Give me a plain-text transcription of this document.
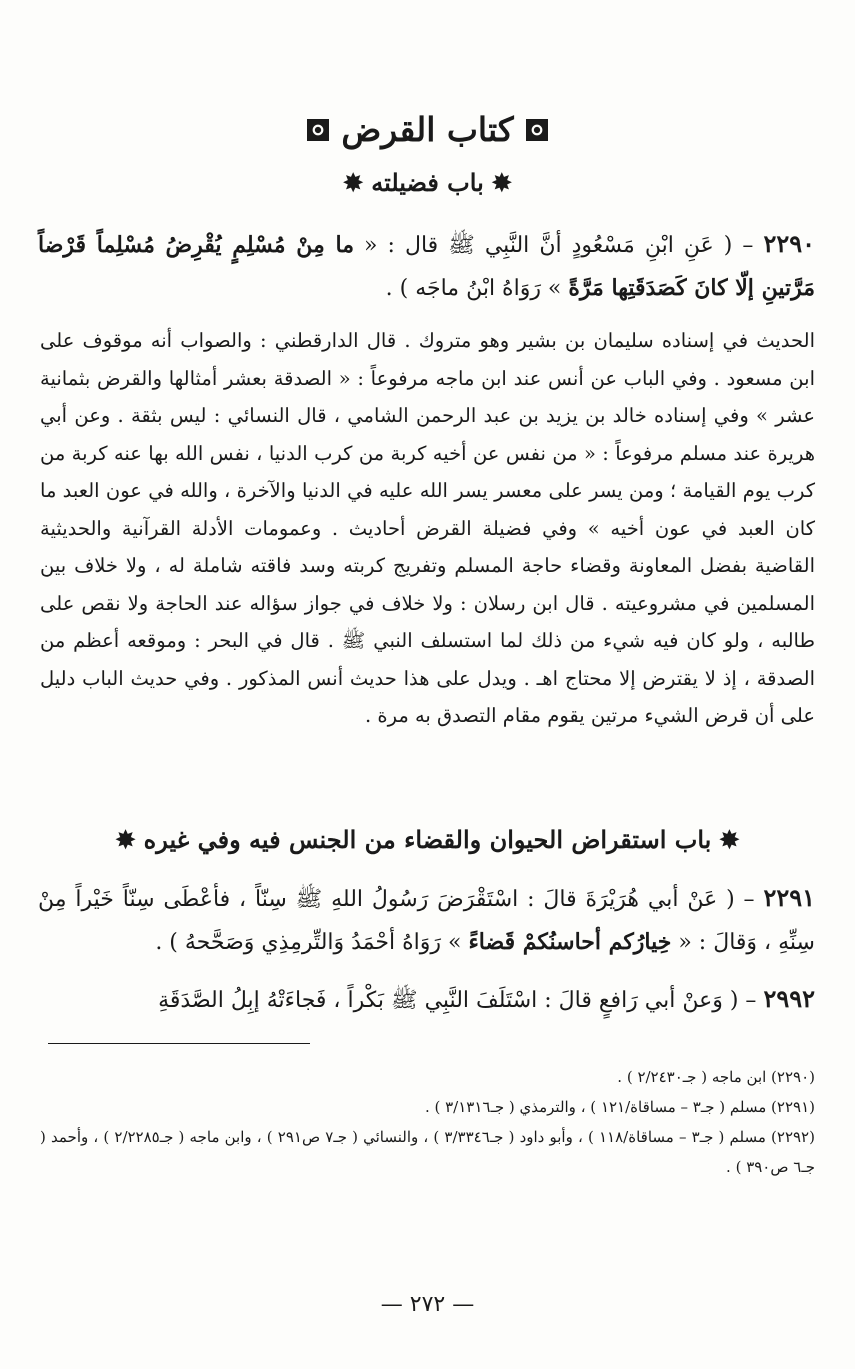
كتاب القرض
✸باب فضيلته✸
٢٢٩٠ – ( عَنِ ابْنِ مَسْعُودٍ أنَّ النَّبِي ﷺ قال : « ما مِنْ مُسْلِمٍ يُقْرِضُ مُسْلِماً قَرْضاً مَرَّتينِ إلّا كانَ كَصَدَقَتِها مَرَّةً » رَوَاهُ ابْنُ ماجَه ) .
الحديث في إسناده سليمان بن بشير وهو متروك . قال الدارقطني : والصواب أنه موقوف على ابن مسعود . وفي الباب عن أنس عند ابن ماجه مرفوعاً : « الصدقة بعشر أمثالها والقرض بثمانية عشر » وفي إسناده خالد بن يزيد بن عبد الرحمن الشامي ، قال النسائي : ليس بثقة . وعن أبي هريرة عند مسلم مرفوعاً : « من نفس عن أخيه كربة من كرب الدنيا ، نفس الله بها عنه كربة من كرب يوم القيامة ؛ ومن يسر على معسر يسر الله عليه في الدنيا والآخرة ، والله في عون العبد ما كان العبد في عون أخيه » وفي فضيلة القرض أحاديث . وعمومات الأدلة القرآنية والحديثية القاضية بفضل المعاونة وقضاء حاجة المسلم وتفريج كربته وسد فاقته شاملة له ، ولا خلاف بين المسلمين في مشروعيته . قال ابن رسلان : ولا خلاف في جواز سؤاله عند الحاجة ولا نقص على طالبه ، ولو كان فيه شيء من ذلك لما استسلف النبي ﷺ . قال في البحر : وموقعه أعظم من الصدقة ، إذ لا يقترض إلا محتاج اهـ . ويدل على هذا حديث أنس المذكور . وفي حديث الباب دليل على أن قرض الشيء مرتين يقوم مقام التصدق به مرة .
✸باب استقراض الحيوان والقضاء من الجنس فيه وفي غيره✸
٢٢٩١ – ( عَنْ أبي هُرَيْرَةَ قالَ : اسْتَقْرَضَ رَسُولُ اللهِ ﷺ سِنّاً ، فأعْطَى سِنّاً خَيْراً مِنْ سِنِّهِ ، وَقالَ : « خِيارُكم أحاسنُكمْ قَضاءً » رَوَاهُ أحْمَدُ وَالتِّرمِذِي وَصَحَّحهُ ) .
٢٩٩٢ – ( وَعنْ أبي رَافعٍ قالَ : اسْتَلَفَ النَّبِي ﷺ بَكْراً ، فَجاءَتْهُ إبِلُ الصَّدَقَةِ

(٢٢٩٠) ابن ماجه ( جـ٢/٢٤٣٠ ) .

(٢٢٩١) مسلم ( جـ٣ – مساقاة/١٢١ ) ، والترمذي ( جـ٣/١٣١٦ ) .

(٢٢٩٢) مسلم ( جـ٣ – مساقاة/١١٨ ) ، وأبو داود ( جـ٣/٣٣٤٦ ) ، والنسائي ( جـ٧ ص٢٩١ ) ، وابن ماجه ( جـ٢/٢٢٨٥ ) ، وأحمد ( جـ٦ ص٣٩٠ ) .

— ٢٧٢ —
